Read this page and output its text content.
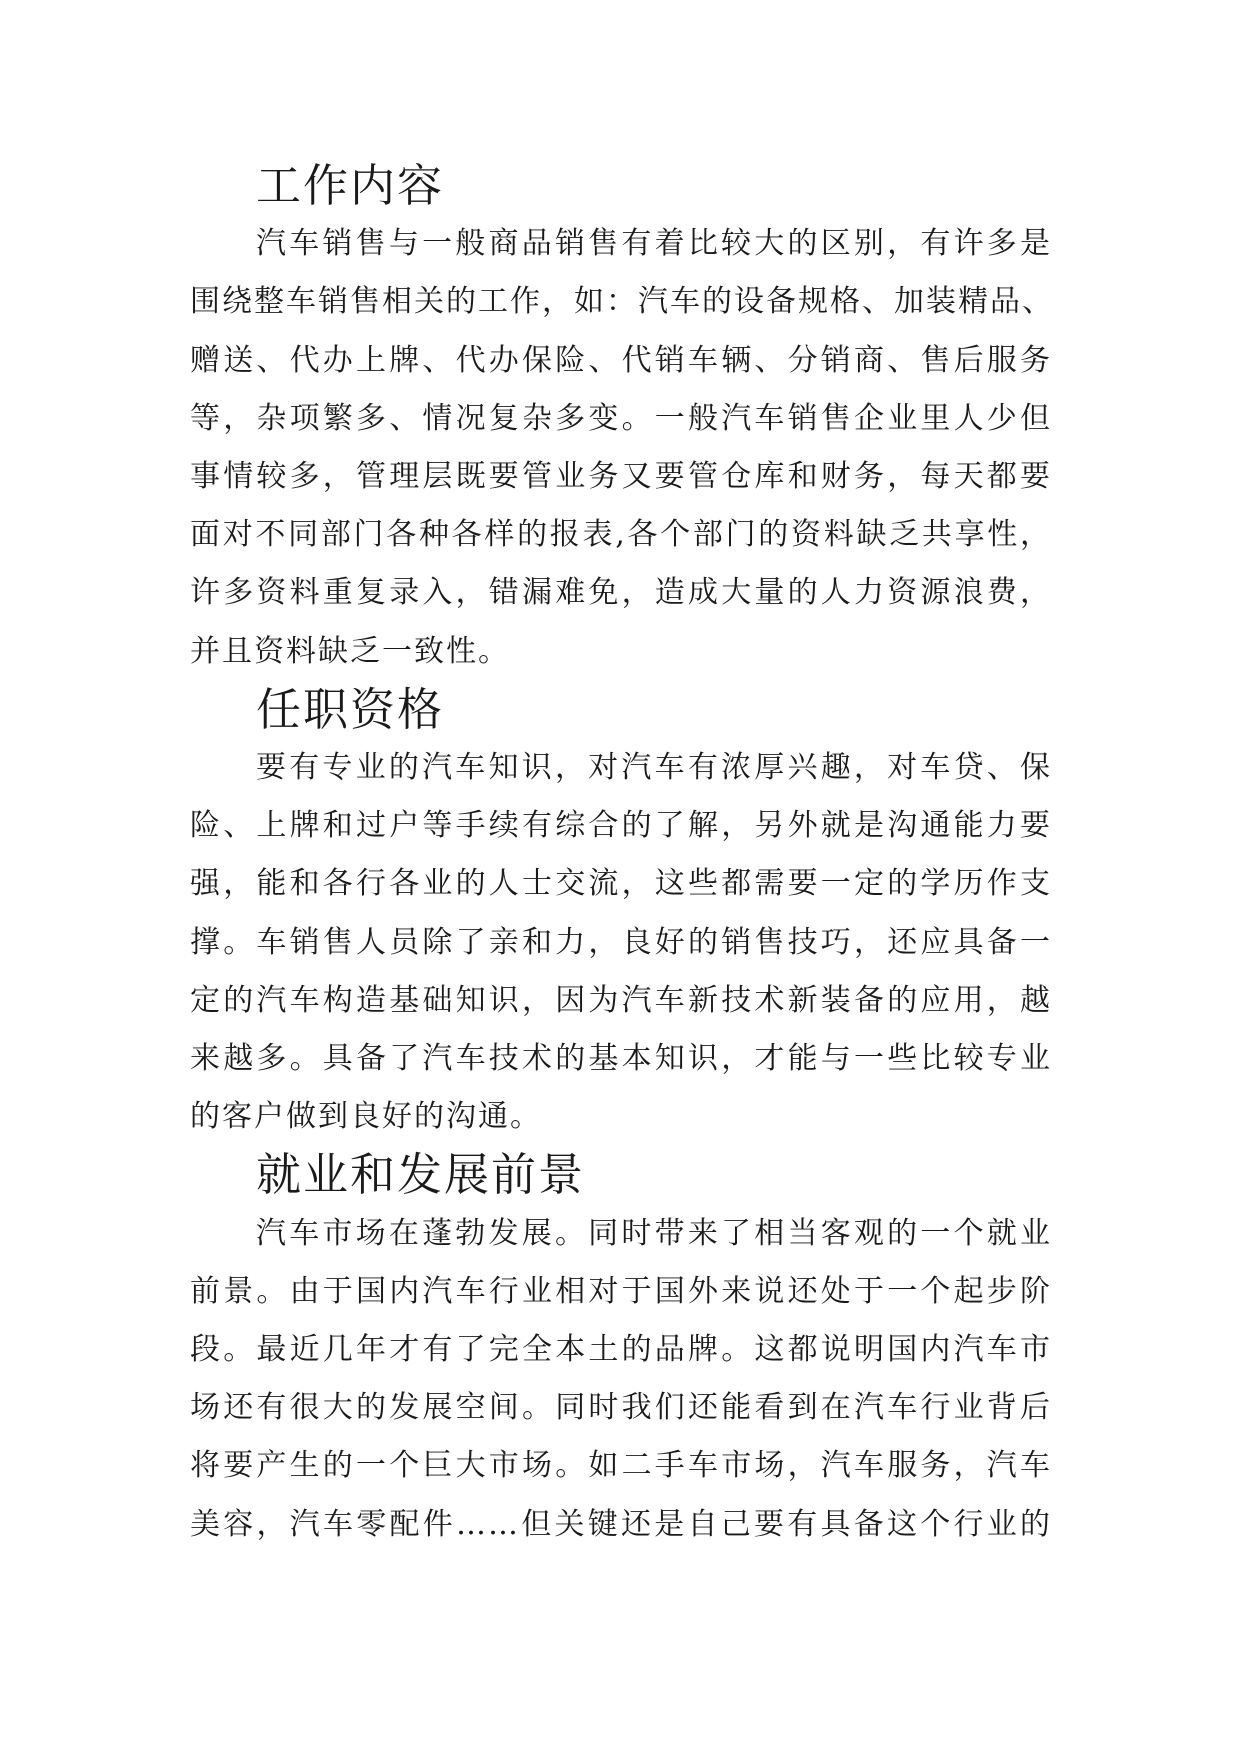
工作内容

汽车销售与一般商品销售有着比较大的区别，有许多是
围绕整车销售相关的工作，如：汽车的设备规格、加装精品、
赠送、代办上牌、代办保险、代销车辆、分销商、售后服务
等，杂项繁多、情况复杂多变。一般汽车销售企业里人少但
事情较多，管理层既要管业务又要管仓库和财务，每天都要
面对不同部门各种各样的报表,各个部门的资料缺乏共享性，
许多资料重复录入，错漏难免，造成大量的人力资源浪费，
并且资料缺乏一致性。

任职资格

要有专业的汽车知识，对汽车有浓厚兴趣，对车贷、保
险、上牌和过户等手续有综合的了解，另外就是沟通能力要
强，能和各行各业的人士交流，这些都需要一定的学历作支
撑。车销售人员除了亲和力，良好的销售技巧，还应具备一
定的汽车构造基础知识，因为汽车新技术新装备的应用，越
来越多。具备了汽车技术的基本知识，才能与一些比较专业
的客户做到良好的沟通。

就业和发展前景

汽车市场在蓬勃发展。同时带来了相当客观的一个就业
前景。由于国内汽车行业相对于国外来说还处于一个起步阶
段。最近几年才有了完全本土的品牌。这都说明国内汽车市
场还有很大的发展空间。同时我们还能看到在汽车行业背后
将要产生的一个巨大市场。如二手车市场，汽车服务，汽车
美容，汽车零配件……但关键还是自己要有具备这个行业的
